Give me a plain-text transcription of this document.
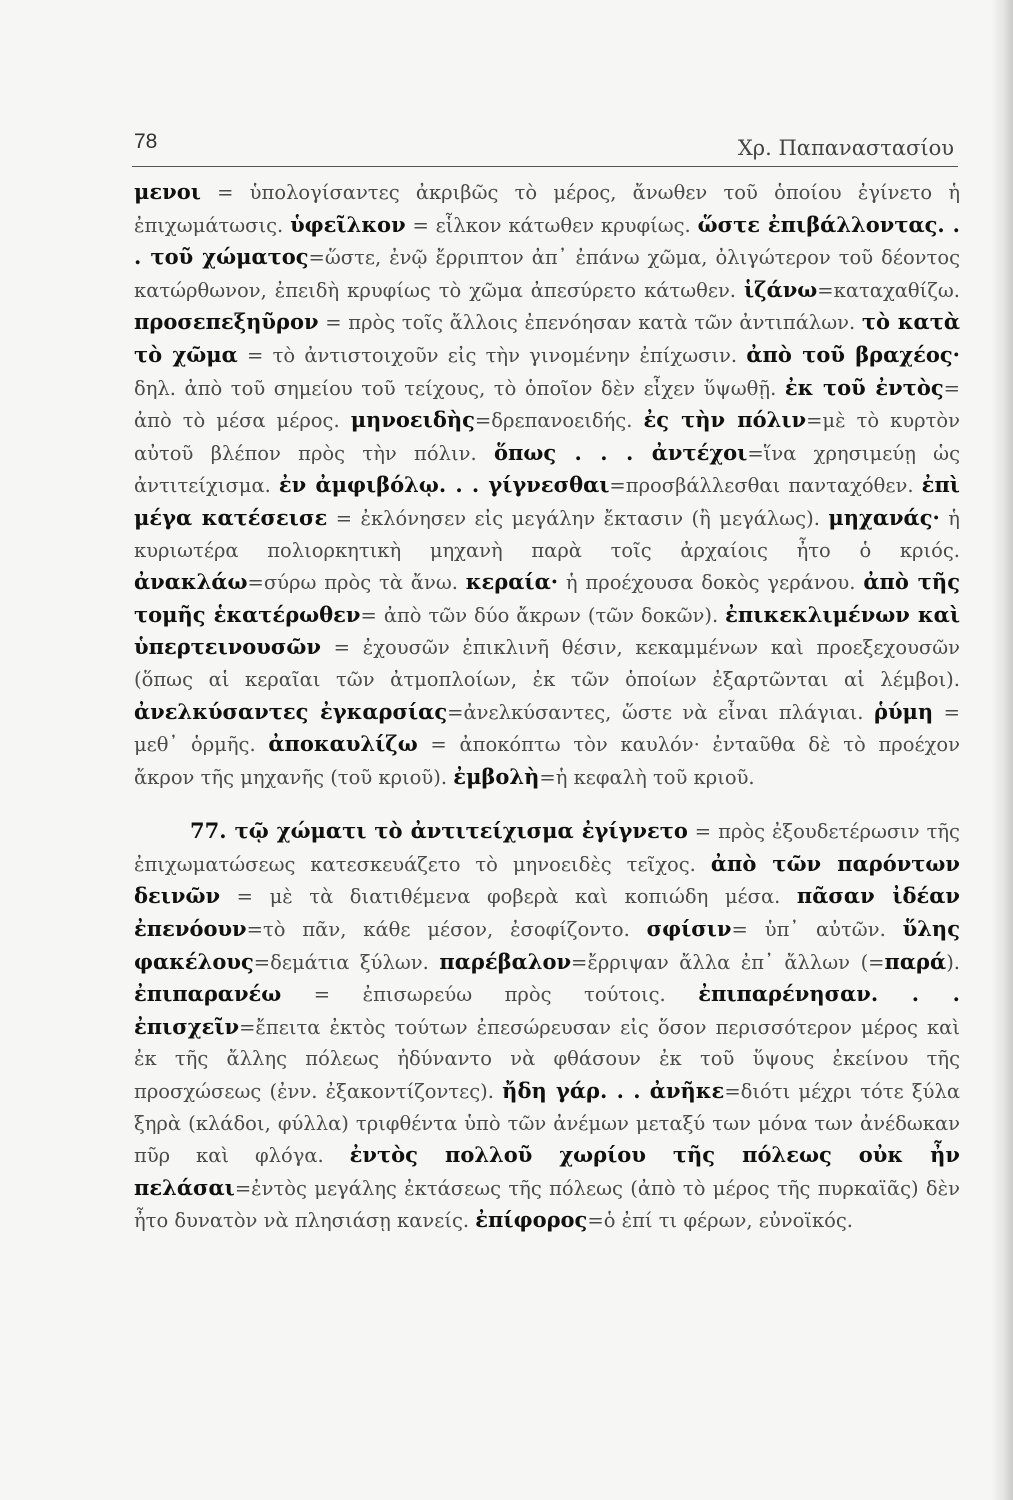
78	Χρ. Παπαναστασίου

μενοι = ὑπολογίσαντες ἀκριβῶς τὸ μέρος, ἄνωθεν τοῦ ὁποίου ἐγίνετο ἡ ἐπιχωμάτωσις. ὑφεῖλκον = εἷλκον κάτωθεν κρυφίως. ὥστε ἐπιβάλλοντας. . . τοῦ χώματος=ὥστε, ἐνῷ ἔρριπτον ἀπ᾽ ἐπάνω χῶμα, ὀλιγώτερον τοῦ δέοντος κατώρθωνον, ἐπειδὴ κρυφίως τὸ χῶμα ἀπεσύρετο κάτωθεν. ἱζάνω=καταχαθίζω. προσεπεξηῦρον = πρὸς τοῖς ἄλλοις ἐπενόησαν κατὰ τῶν ἀντιπάλων. τὸ κατὰ τὸ χῶμα = τὸ ἀντιστοιχοῦν εἰς τὴν γινομένην ἐπίχωσιν. ἀπὸ τοῦ βραχέος· δηλ. ἀπὸ τοῦ σημείου τοῦ τείχους, τὸ ὁποῖον δὲν εἶχεν ὕψωθῇ. ἐκ τοῦ ἐντὸς= ἀπὸ τὸ μέσα μέρος. μηνοειδὴς=δρεπανοειδής. ἐς τὴν πόλιν=μὲ τὸ κυρτὸν αὐτοῦ βλέπον πρὸς τὴν πόλιν. ὅπως . . . ἀντέχοι=ἵνα χρησιμεύῃ ὡς ἀντιτείχισμα. ἐν ἀμφιβόλῳ. . . γίγνεσθαι=προσβάλλεσθαι πανταχόθεν. ἐπὶ μέγα κατέσεισε = ἐκλόνησεν εἰς μεγάλην ἔκτασιν (ἢ μεγάλως). μηχανάς· ἡ κυριωτέρα πολιορκητικὴ μηχανὴ παρὰ τοῖς ἀρχαίοις ἦτο ὁ κριός. ἀνακλάω=σύρω πρὸς τὰ ἄνω. κεραία· ἡ προέχουσα δοκὸς γεράνου. ἀπὸ τῆς τομῆς ἑκατέρωθεν= ἀπὸ τῶν δύο ἄκρων (τῶν δοκῶν). ἐπικεκλιμένων καὶ ὑπερτεινουσῶν = ἐχουσῶν ἐπικλινῆ θέσιν, κεκαμμένων καὶ προεξεχουσῶν (ὅπως αἱ κεραῖαι τῶν ἀτμοπλοίων, ἐκ τῶν ὁποίων ἐξαρτῶνται αἱ λέμβοι). ἀνελκύσαντες ἐγκαρσίας=ἀνελκύσαντες, ὥστε νὰ εἶναι πλάγιαι. ῥύμη = μεθ᾽ ὁρμῆς. ἀποκαυλίζω = ἀποκόπτω τὸν καυλόν· ἐνταῦθα δὲ τὸ προέχον ἄκρον τῆς μηχανῆς (τοῦ κριοῦ). ἐμβολὴ=ἡ κεφαλὴ τοῦ κριοῦ.

77. τῷ χώματι τὸ ἀντιτείχισμα ἐγίγνετο = πρὸς ἐξουδετέρωσιν τῆς ἐπιχωματώσεως κατεσκευάζετο τὸ μηνοειδὲς τεῖχος. ἀπὸ τῶν παρόντων δεινῶν = μὲ τὰ διατιθέμενα φοβερὰ καὶ κοπιώδη μέσα. πᾶσαν ἰδέαν ἐπενόουν=τὸ πᾶν, κάθε μέσον, ἐσοφίζοντο. σφίσιν= ὑπ᾽ αὐτῶν. ὕλης φακέλους=δεμάτια ξύλων. παρέβαλον=ἔρριψαν ἄλλα ἐπ᾽ ἄλλων (=παρά). ἐπιπαρανέω = ἐπισωρεύω πρὸς τούτοις. ἐπιπαρένησαν. . . ἐπισχεῖν=ἔπειτα ἐκτὸς τούτων ἐπεσώρευσαν εἰς ὅσον περισσότερον μέρος καὶ ἐκ τῆς ἄλλης πόλεως ἠδύναντο νὰ φθάσουν ἐκ τοῦ ὕψους ἐκείνου τῆς προσχώσεως (ἐνν. ἐξακοντίζοντες). ἤδη γάρ. . . ἀνῆκε=διότι μέχρι τότε ξύλα ξηρὰ (κλάδοι, φύλλα) τριφθέντα ὑπὸ τῶν ἀνέμων μεταξύ των μόνα των ἀνέδωκαν πῦρ καὶ φλόγα. ἐντὸς πολλοῦ χωρίου τῆς πόλεως οὐκ ἦν πελάσαι=ἐντὸς μεγάλης ἐκτάσεως τῆς πόλεως (ἀπὸ τὸ μέρος τῆς πυρκαϊᾶς) δὲν ἦτο δυνατὸν νὰ πλησιάσῃ κανείς. ἐπίφορος=ὁ ἐπί τι φέρων, εὐνοϊκός.
